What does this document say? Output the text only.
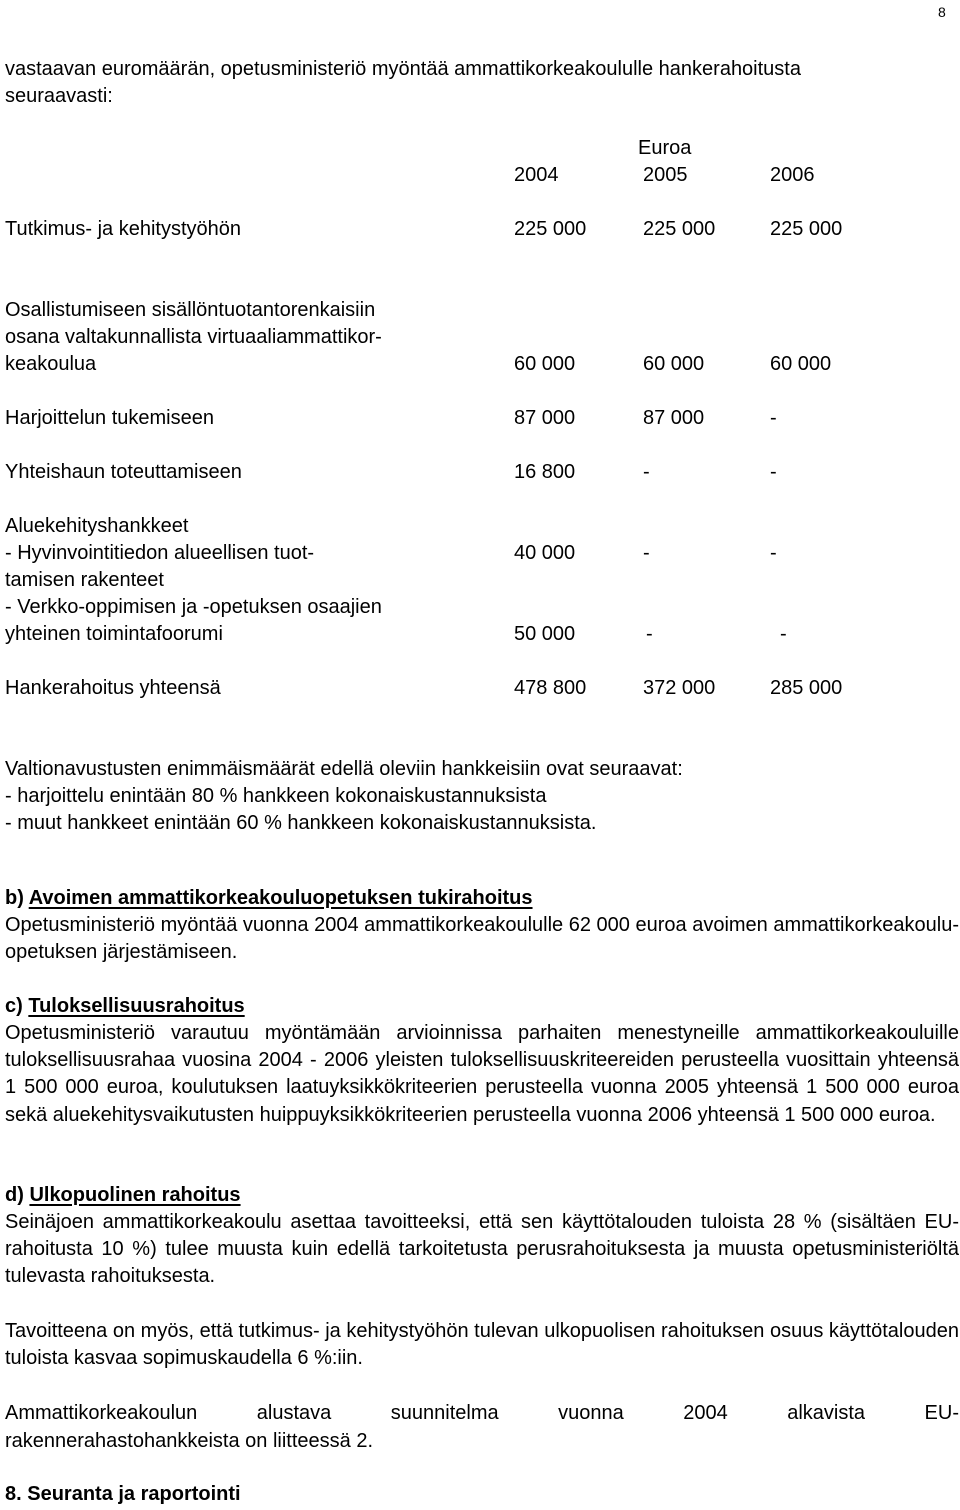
8
vastaavan euromäärän, opetusministeriö myöntää ammattikorkeakoululle hankerahoitusta
seuraavasti:
Euroa
2004	2005	2006
Tutkimus- ja kehitystyöhön	225 000	225 000	225 000
Osallistumiseen sisällöntuotantorenkaisiin
osana valtakunnallista virtuaaliammattikor-
keakoulua	60 000	60 000	60 000
Harjoittelun tukemiseen	87 000	87 000	-
Yhteishaun toteuttamiseen	16 800	-	-
Aluekehityshankkeet
- Hyvinvointitiedon alueellisen tuot-
tamisen rakenteet
40 000	-	-
- Verkko-oppimisen ja -opetuksen osaajien
yhteinen toimintafoorumi	50 000	-	-
Hankerahoitus yhteensä	478 800	372 000	285 000
Valtionavustusten enimmäismäärät edellä oleviin hankkeisiin ovat seuraavat:
- harjoittelu enintään 80 % hankkeen kokonaiskustannuksista
- muut hankkeet enintään 60 % hankkeen kokonaiskustannuksista.
b) Avoimen ammattikorkeakouluopetuksen tukirahoitus
Opetusministeriö myöntää vuonna 2004 ammattikorkeakoululle 62 000 euroa avoimen ammattikorkeakoulu-opetuksen järjestämiseen.
c) Tuloksellisuusrahoitus
Opetusministeriö varautuu myöntämään arvioinnissa parhaiten menestyneille ammattikorkeakouluille tuloksellisuusrahaa vuosina 2004 - 2006 yleisten tuloksellisuuskriteereiden perusteella vuosittain yhteensä 1 500 000 euroa, koulutuksen laatuyksikkökriteerien perusteella vuonna 2005 yhteensä 1 500 000 euroa sekä aluekehitysvaikutusten huippuyksikkökriteerien perusteella vuonna 2006 yhteensä 1 500 000 euroa.
d) Ulkopuolinen rahoitus
Seinäjoen ammattikorkeakoulu asettaa tavoitteeksi, että sen käyttötalouden tuloista 28 % (sisältäen EU-rahoitusta 10 %) tulee muusta kuin edellä tarkoitetusta perusrahoituksesta ja muusta opetusministeriöltä tulevasta rahoituksesta.
Tavoitteena on myös, että tutkimus- ja kehitystyöhön tulevan ulkopuolisen rahoituksen osuus käyttötalouden tuloista kasvaa sopimuskaudella 6 %:iin.
Ammattikorkeakoulun alustava suunnitelma vuonna 2004 alkavista EU-
rakennerahastohankkeista on liitteessä 2.
8. Seuranta ja raportointi
